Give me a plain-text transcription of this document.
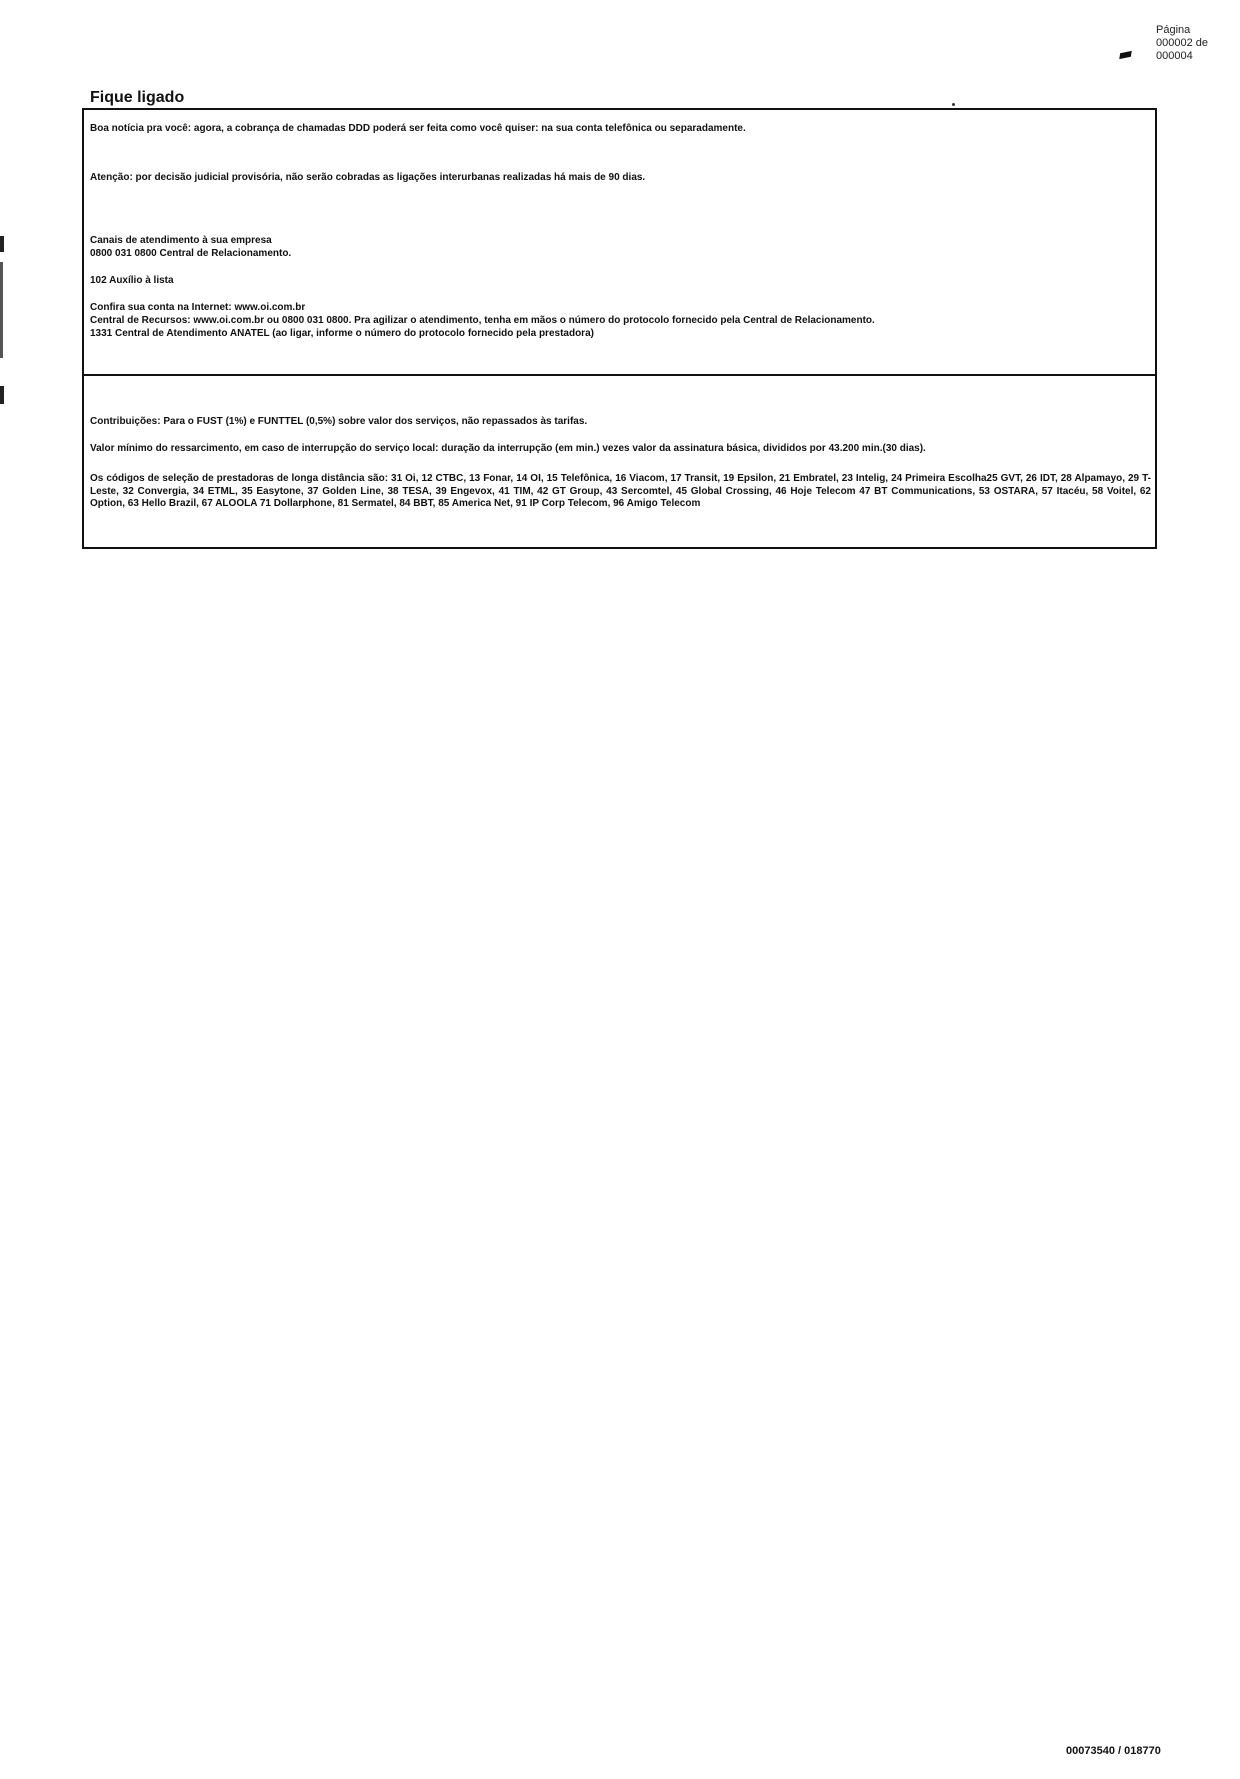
Página
000002 de
000004
Fique ligado
Boa notícia pra você: agora, a cobrança de chamadas DDD poderá ser feita como você quiser: na sua conta telefônica ou separadamente.
Atenção: por decisão judicial provisória, não serão cobradas as ligações interurbanas realizadas há mais de 90 dias.
Canais de atendimento à sua empresa
0800 031 0800 Central de Relacionamento.
102 Auxílio à lista
Confira sua conta na Internet: www.oi.com.br
Central de Recursos: www.oi.com.br ou 0800 031 0800. Pra agilizar o atendimento, tenha em mãos o número do protocolo fornecido pela Central de Relacionamento.
1331 Central de Atendimento ANATEL (ao ligar, informe o número do protocolo fornecido pela prestadora)
Contribuições: Para o FUST (1%) e FUNTTEL (0,5%) sobre valor dos serviços, não repassados às tarifas.
Valor mínimo do ressarcimento, em caso de interrupção do serviço local: duração da interrupção (em min.) vezes valor da assinatura básica, divididos por 43.200 min.(30 dias).
Os códigos de seleção de prestadoras de longa distância são: 31 Oi, 12 CTBC, 13 Fonar, 14 OI, 15 Telefônica, 16 Viacom, 17 Transit, 19 Epsilon, 21 Embratel, 23 Intelig, 24 Primeira Escolha25 GVT, 26 IDT, 28 Alpamayo, 29 T-Leste, 32 Convergia, 34 ETML, 35 Easytone, 37 Golden Line, 38 TESA, 39 Engevox, 41 TIM, 42 GT Group, 43 Sercomtel, 45 Global Crossing, 46 Hoje Telecom 47 BT Communications, 53 OSTARA, 57 Itacéu, 58 Voitel, 62 Option, 63 Hello Brazil, 67 ALOOLA 71 Dollarphone, 81 Sermatel, 84 BBT, 85 America Net, 91 IP Corp Telecom, 96 Amigo Telecom
00073540 / 018770
